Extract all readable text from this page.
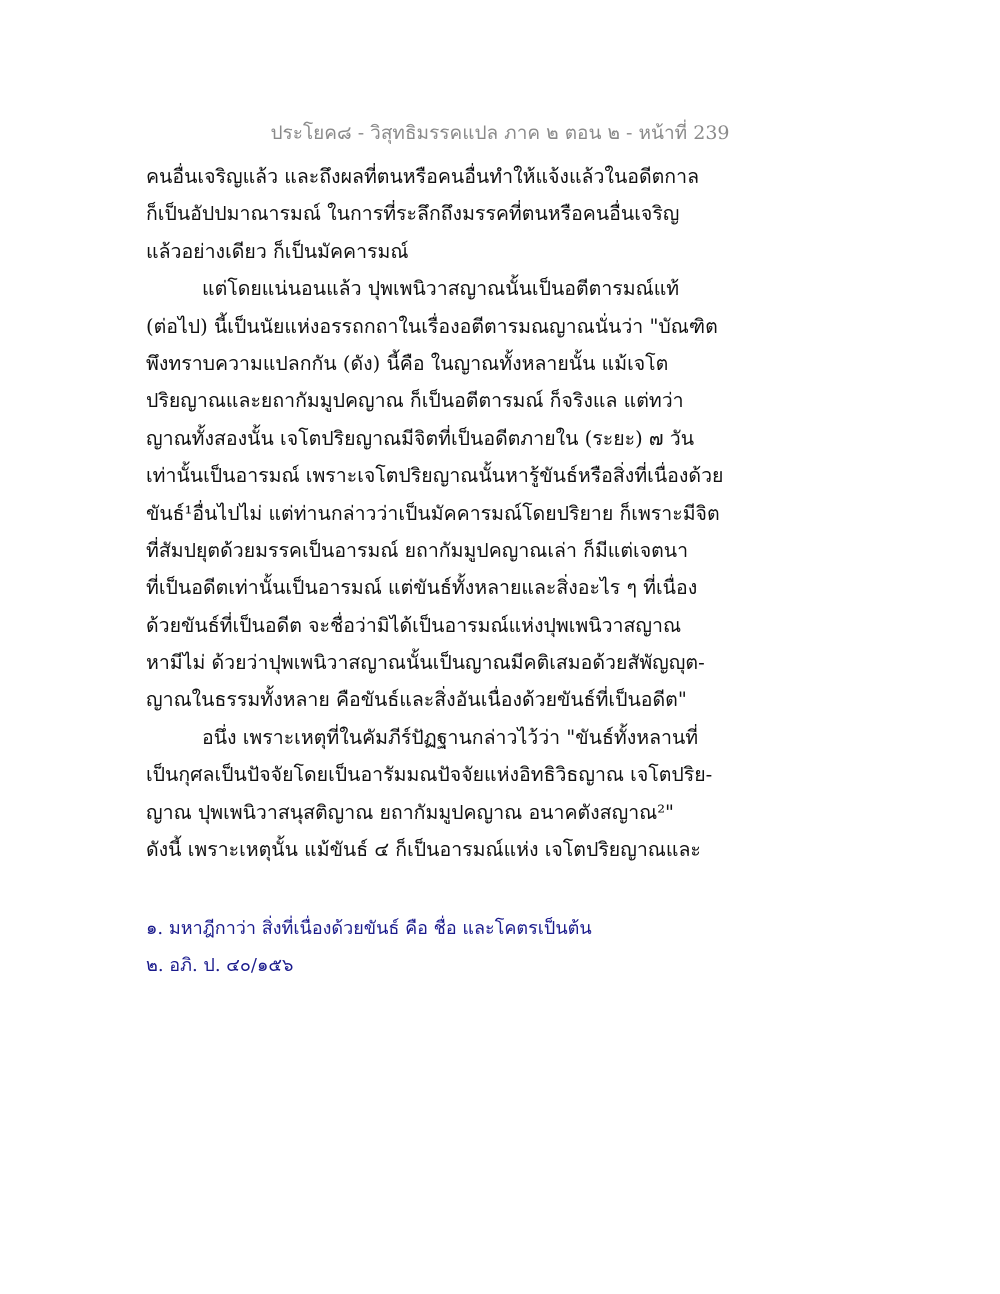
ประโยค๘ - วิสุทธิมรรคแปล ภาค ๒ ตอน ๒ - หน้าที่ 239
คนอื่นเจริญแล้ว และถึงผลที่ตนหรือคนอื่นทำให้แจ้งแล้วในอดีตกาล
ก็เป็นอัปปมาณารมณ์ ในการที่ระลึกถึงมรรคที่ตนหรือคนอื่นเจริญ
แล้วอย่างเดียว ก็เป็นมัคคารมณ์
แต่โดยแน่นอนแล้ว ปุพเพนิวาสญาณนั้นเป็นอตีตารมณ์แท้
(ต่อไป) นี้เป็นนัยแห่งอรรถกถาในเรื่องอตีตารมณญาณนั่นว่า "บัณฑิต
พึงทราบความแปลกกัน (ดัง) นี้คือ ในญาณทั้งหลายนั้น แม้เจโต
ปริยญาณและยถากัมมูปคญาณ ก็เป็นอตีตารมณ์ ก็จริงแล แต่ทว่า
ญาณทั้งสองนั้น เจโตปริยญาณมีจิตที่เป็นอดีตภายใน (ระยะ) ๗ วัน
เท่านั้นเป็นอารมณ์ เพราะเจโตปริยญาณนั้นหารู้ขันธ์หรือสิ่งที่เนื่องด้วย
ขันธ์¹อื่นไปไม่ แต่ท่านกล่าวว่าเป็นมัคคารมณ์โดยปริยาย ก็เพราะมีจิต
ที่สัมปยุตด้วยมรรคเป็นอารมณ์ ยถากัมมูปคญาณเล่า ก็มีแต่เจตนา
ที่เป็นอดีตเท่านั้นเป็นอารมณ์ แต่ขันธ์ทั้งหลายและสิ่งอะไร ๆ ที่เนื่อง
ด้วยขันธ์ที่เป็นอดีต จะชื่อว่ามิได้เป็นอารมณ์แห่งปุพเพนิวาสญาณ
หามีไม่ ด้วยว่าปุพเพนิวาสญาณนั้นเป็นญาณมีคติเสมอด้วยสัพัญญุต-
ญาณในธรรมทั้งหลาย คือขันธ์และสิ่งอันเนื่องด้วยขันธ์ที่เป็นอดีต"
อนึ่ง เพราะเหตุที่ในคัมภีร์ปัฏฐานกล่าวไว้ว่า "ขันธ์ทั้งหลานที่
เป็นกุศลเป็นปัจจัยโดยเป็นอารัมมณปัจจัยแห่งอิทธิวิธญาณ เจโตปริย-
ญาณ ปุพเพนิวาสนุสติญาณ ยถากัมมูปคญาณ อนาคตังสญาณ²"
ดังนี้ เพราะเหตุนั้น แม้ขันธ์ ๔ ก็เป็นอารมณ์แห่ง เจโตปริยญาณและ
๑. มหาฎีกาว่า สิ่งที่เนื่องด้วยขันธ์ คือ ชื่อ และโคตรเป็นต้น
๒. อภิ. ป. ๔๐/๑๕๖
